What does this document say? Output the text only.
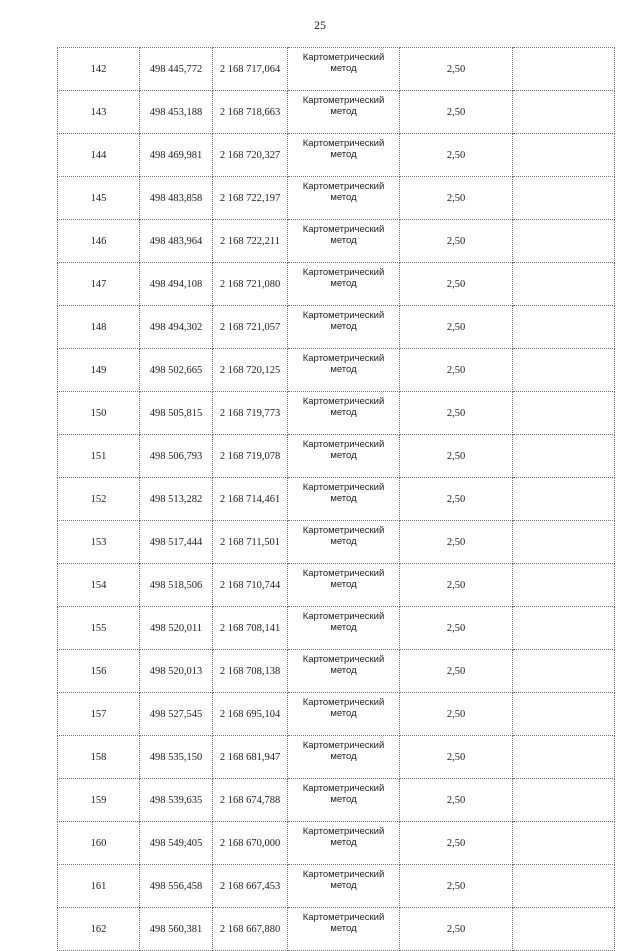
25
142	498 445,772	2 168 717,064	Картометрический
метод	2,50	
143	498 453,188	2 168 718,663	Картометрический
метод	2,50	
144	498 469,981	2 168 720,327	Картометрический
метод	2,50	
145	498 483,858	2 168 722,197	Картометрический
метод	2,50	
146	498 483,964	2 168 722,211	Картометрический
метод	2,50	
147	498 494,108	2 168 721,080	Картометрический
метод	2,50	
148	498 494,302	2 168 721,057	Картометрический
метод	2,50	
149	498 502,665	2 168 720,125	Картометрический
метод	2,50	
150	498 505,815	2 168 719,773	Картометрический
метод	2,50	
151	498 506,793	2 168 719,078	Картометрический
метод	2,50	
152	498 513,282	2 168 714,461	Картометрический
метод	2,50	
153	498 517,444	2 168 711,501	Картометрический
метод	2,50	
154	498 518,506	2 168 710,744	Картометрический
метод	2,50	
155	498 520,011	2 168 708,141	Картометрический
метод	2,50	
156	498 520,013	2 168 708,138	Картометрический
метод	2,50	
157	498 527,545	2 168 695,104	Картометрический
метод	2,50	
158	498 535,150	2 168 681,947	Картометрический
метод	2,50	
159	498 539,635	2 168 674,788	Картометрический
метод	2,50	
160	498 549,405	2 168 670,000	Картометрический
метод	2,50	
161	498 556,458	2 168 667,453	Картометрический
метод	2,50	
162	498 560,381	2 168 667,880	Картометрический
метод	2,50	
